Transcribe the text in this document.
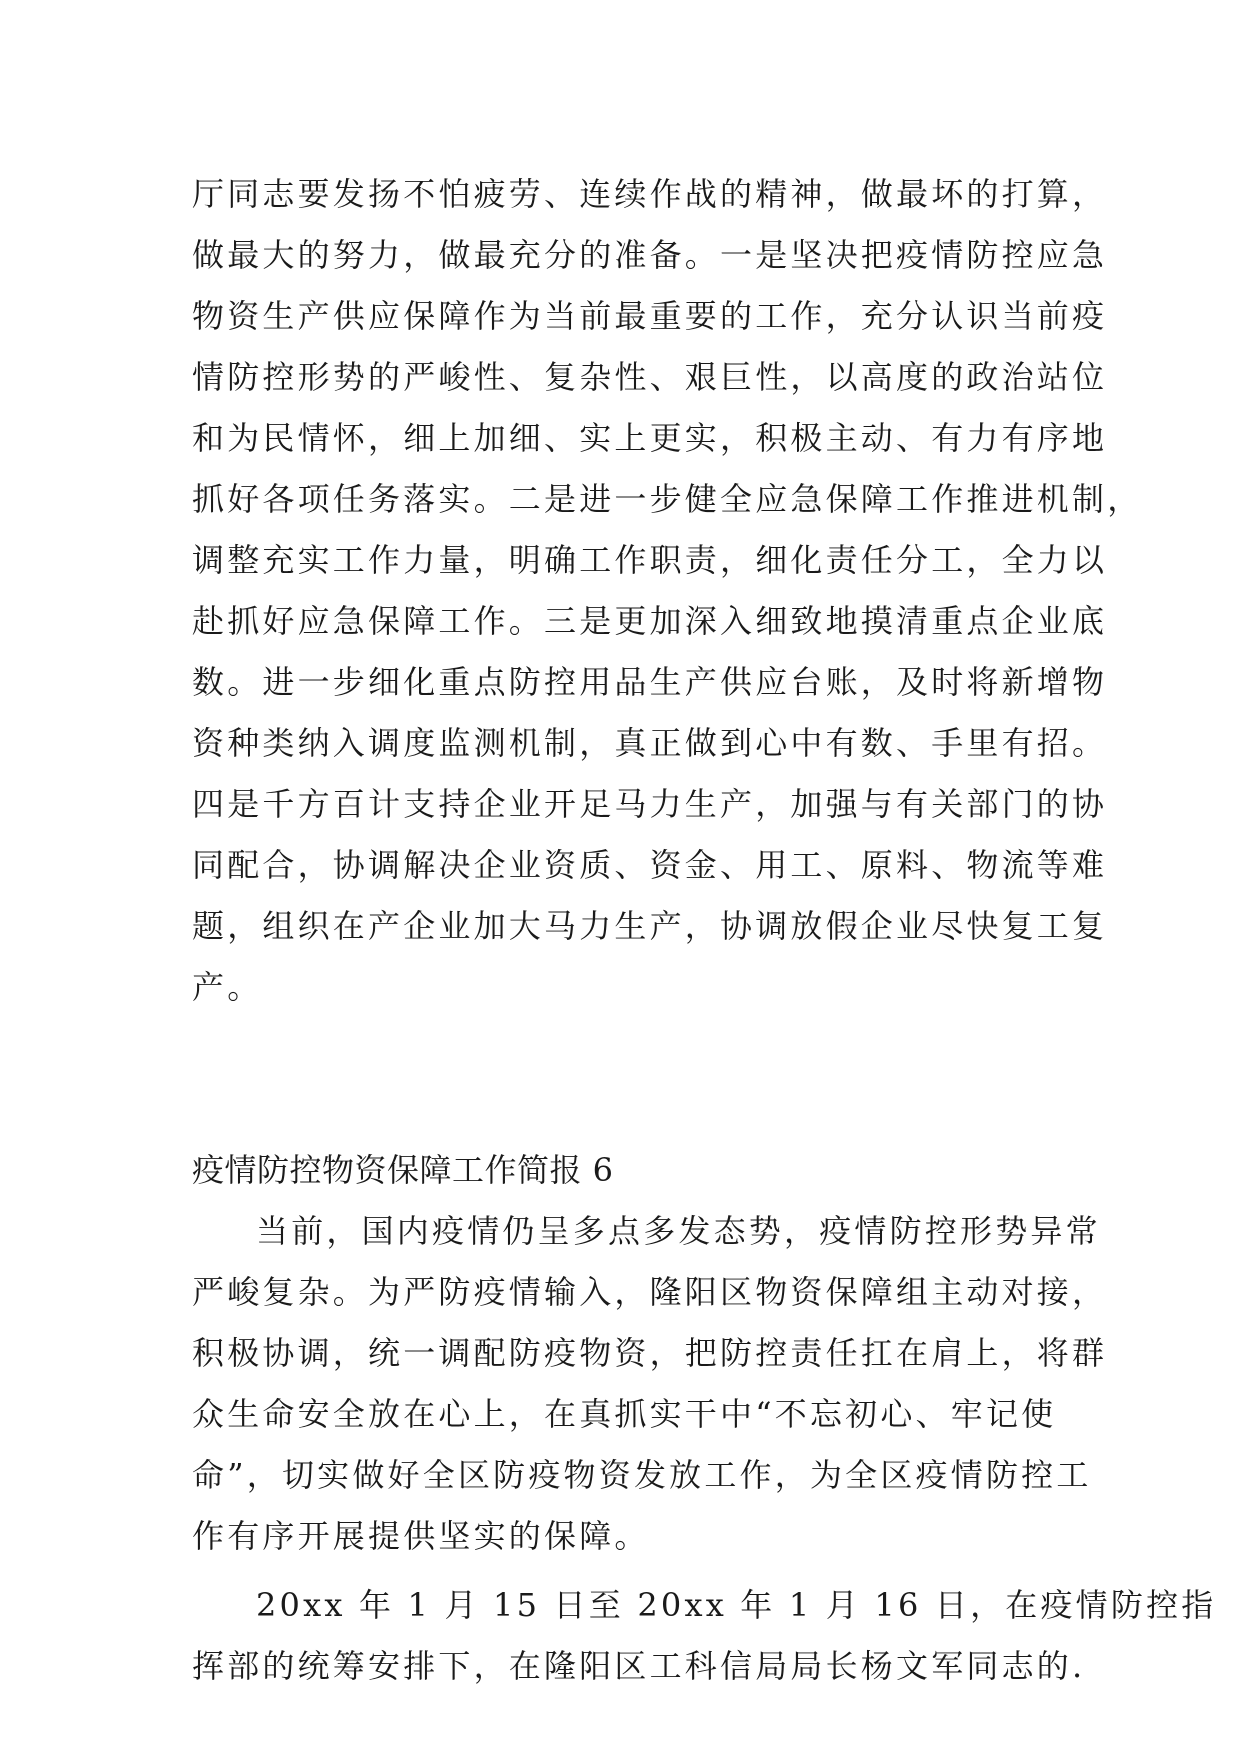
厅同志要发扬不怕疲劳、连续作战的精神，做最坏的打算，
做最大的努力，做最充分的准备。一是坚决把疫情防控应急
物资生产供应保障作为当前最重要的工作，充分认识当前疫
情防控形势的严峻性、复杂性、艰巨性，以高度的政治站位
和为民情怀，细上加细、实上更实，积极主动、有力有序地
抓好各项任务落实。二是进一步健全应急保障工作推进机制，
调整充实工作力量，明确工作职责，细化责任分工，全力以
赴抓好应急保障工作。三是更加深入细致地摸清重点企业底
数。进一步细化重点防控用品生产供应台账，及时将新增物
资种类纳入调度监测机制，真正做到心中有数、手里有招。
四是千方百计支持企业开足马力生产，加强与有关部门的协
同配合，协调解决企业资质、资金、用工、原料、物流等难
题，组织在产企业加大马力生产，协调放假企业尽快复工复
产。

疫情防控物资保障工作简报 6

当前，国内疫情仍呈多点多发态势，疫情防控形势异常
严峻复杂。为严防疫情输入，隆阳区物资保障组主动对接，
积极协调，统一调配防疫物资，把防控责任扛在肩上，将群
众生命安全放在心上，在真抓实干中“不忘初心、牢记使
命”，切实做好全区防疫物资发放工作，为全区疫情防控工
作有序开展提供坚实的保障。

20xx 年 1 月 15 日至 20xx 年 1 月 16 日，在疫情防控指
挥部的统筹安排下，在隆阳区工科信局局长杨文军同志的.
